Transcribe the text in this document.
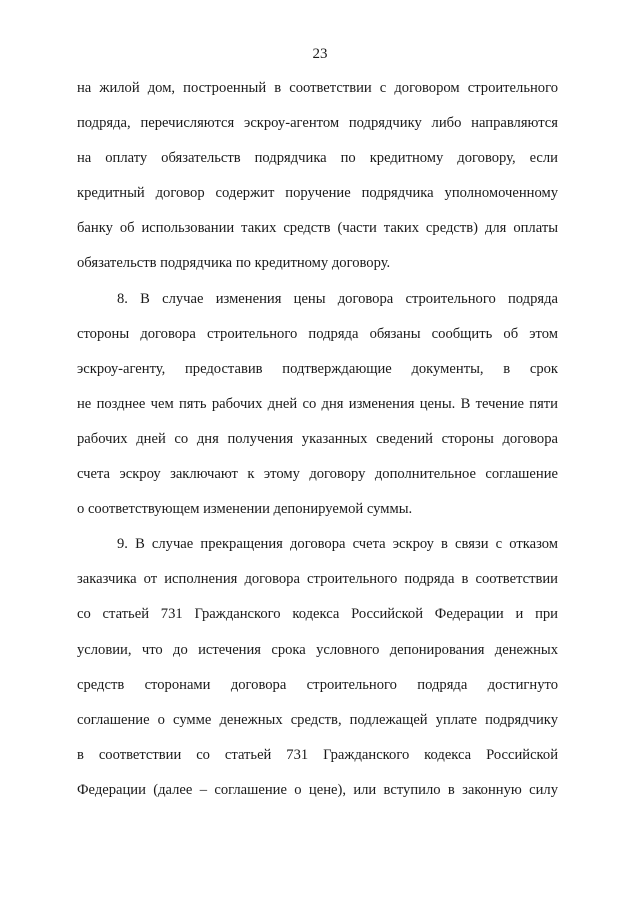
23
на жилой дом, построенный в соответствии с договором строительного
подряда, перечисляются эскроу-агентом подрядчику либо направляются
на оплату обязательств подрядчика по кредитному договору, если
кредитный договор содержит поручение подрядчика уполномоченному
банку об использовании таких средств (части таких средств) для оплаты
обязательств подрядчика по кредитному договору.
8. В случае изменения цены договора строительного подряда
стороны договора строительного подряда обязаны сообщить об этом
эскроу-агенту, предоставив подтверждающие документы, в срок
не позднее чем пять рабочих дней со дня изменения цены. В течение пяти
рабочих дней со дня получения указанных сведений стороны договора
счета эскроу заключают к этому договору дополнительное соглашение
о соответствующем изменении депонируемой суммы.
9. В случае прекращения договора счета эскроу в связи с отказом
заказчика от исполнения договора строительного подряда в соответствии
со статьей 731 Гражданского кодекса Российской Федерации и при
условии, что до истечения срока условного депонирования денежных
средств сторонами договора строительного подряда достигнуто
соглашение о сумме денежных средств, подлежащей уплате подрядчику
в соответствии со статьей 731 Гражданского кодекса Российской
Федерации (далее – соглашение о цене), или вступило в законную силу
